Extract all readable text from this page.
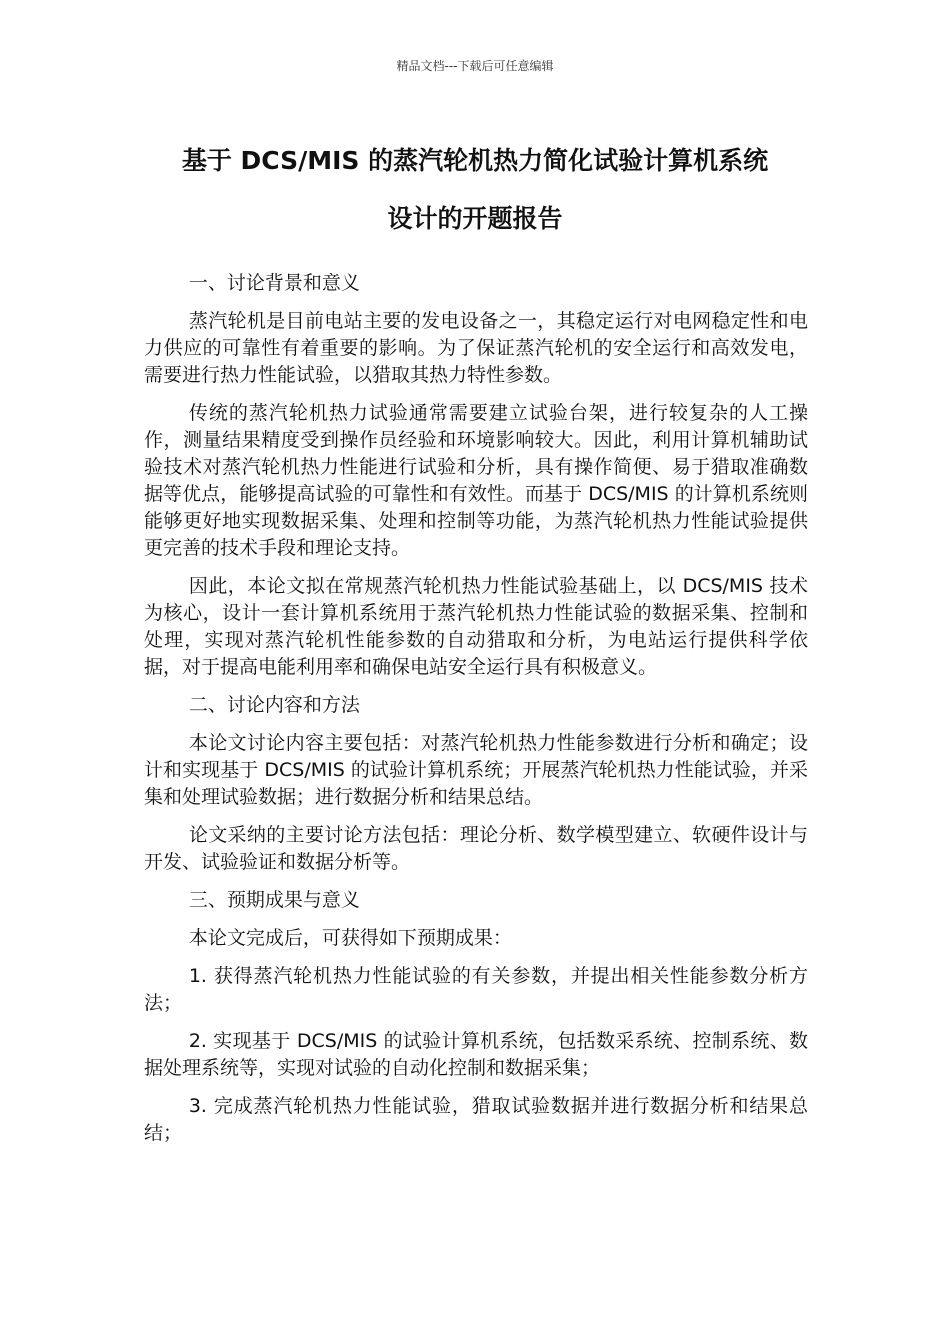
精品文档---下载后可任意编辑
基于 DCS/MIS 的蒸汽轮机热力简化试验计算机系统
设计的开题报告

一、讨论背景和意义

蒸汽轮机是目前电站主要的发电设备之一，其稳定运行对电网稳定性和电力供应的可靠性有着重要的影响。为了保证蒸汽轮机的安全运行和高效发电，需要进行热力性能试验，以猎取其热力特性参数。

传统的蒸汽轮机热力试验通常需要建立试验台架，进行较复杂的人工操作，测量结果精度受到操作员经验和环境影响较大。因此，利用计算机辅助试验技术对蒸汽轮机热力性能进行试验和分析，具有操作简便、易于猎取准确数据等优点，能够提高试验的可靠性和有效性。而基于 DCS/MIS 的计算机系统则能够更好地实现数据采集、处理和控制等功能，为蒸汽轮机热力性能试验提供更完善的技术手段和理论支持。

因此，本论文拟在常规蒸汽轮机热力性能试验基础上，以 DCS/MIS 技术为核心，设计一套计算机系统用于蒸汽轮机热力性能试验的数据采集、控制和处理，实现对蒸汽轮机性能参数的自动猎取和分析，为电站运行提供科学依据，对于提高电能利用率和确保电站安全运行具有积极意义。

二、讨论内容和方法

本论文讨论内容主要包括：对蒸汽轮机热力性能参数进行分析和确定；设计和实现基于 DCS/MIS 的试验计算机系统；开展蒸汽轮机热力性能试验，并采集和处理试验数据；进行数据分析和结果总结。

论文采纳的主要讨论方法包括：理论分析、数学模型建立、软硬件设计与开发、试验验证和数据分析等。

三、预期成果与意义

本论文完成后，可获得如下预期成果：

1. 获得蒸汽轮机热力性能试验的有关参数，并提出相关性能参数分析方法；

2. 实现基于 DCS/MIS 的试验计算机系统，包括数采系统、控制系统、数据处理系统等，实现对试验的自动化控制和数据采集；

3. 完成蒸汽轮机热力性能试验，猎取试验数据并进行数据分析和结果总结；
